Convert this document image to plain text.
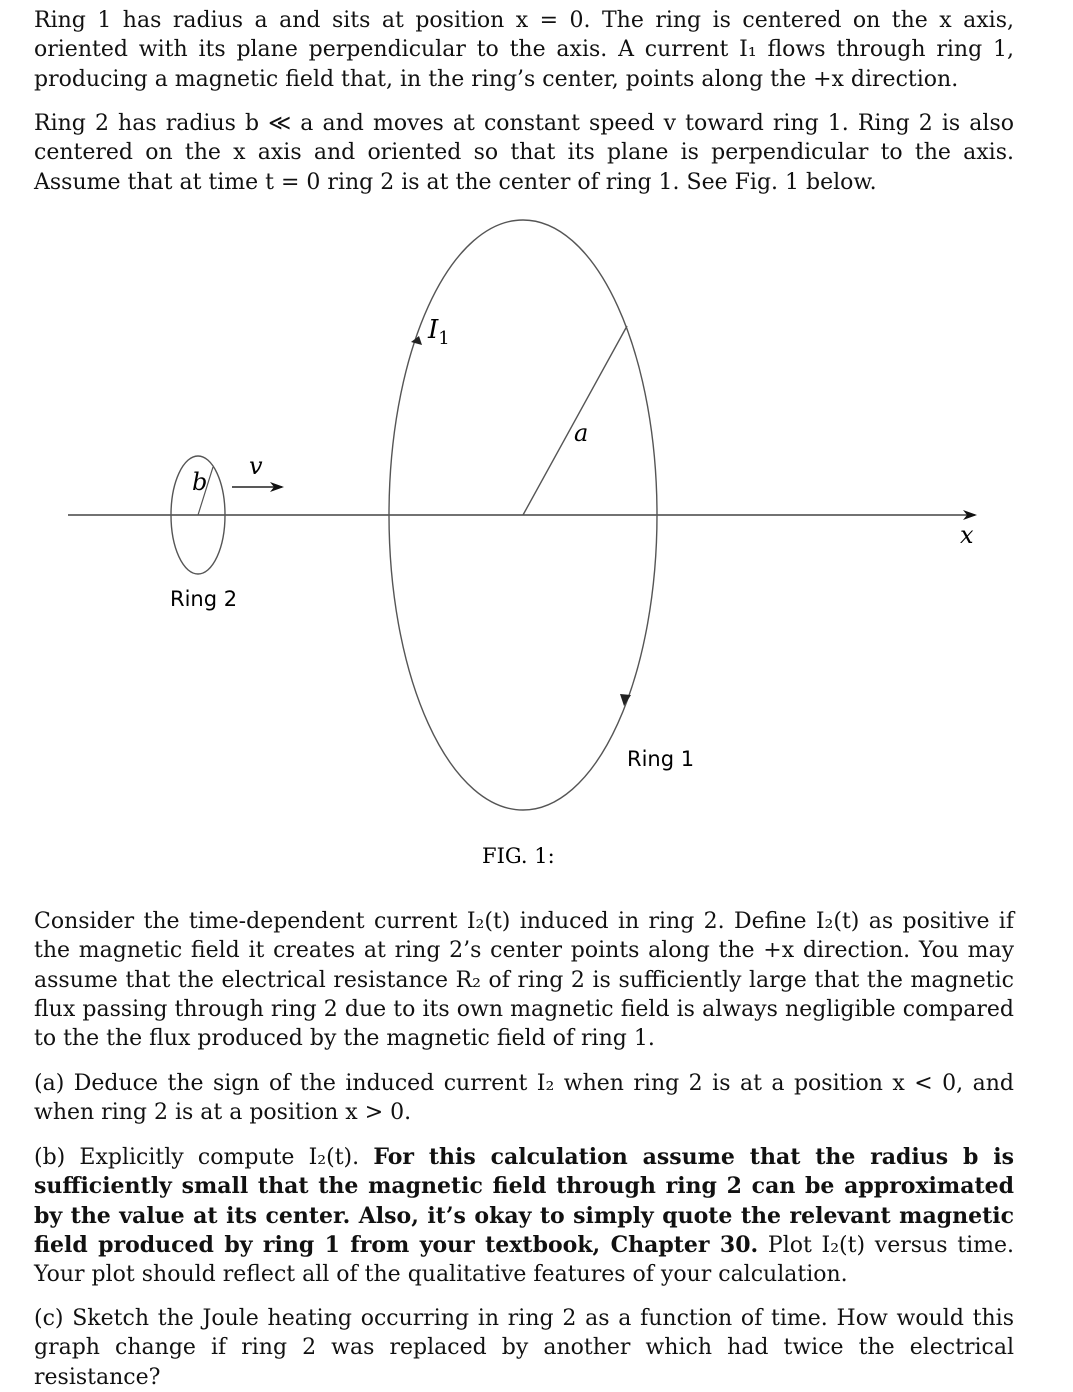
Ring 1 has radius a and sits at position x = 0. The ring is centered on the x axis, oriented with its plane perpendicular to the axis. A current I₁ flows through ring 1, producing a magnetic field that, in the ring’s center, points along the +x direction.

Ring 2 has radius b ≪ a and moves at constant speed v toward ring 1. Ring 2 is also centered on the x axis and oriented so that its plane is perpendicular to the axis. Assume that at time t = 0 ring 2 is at the center of ring 1. See Fig. 1 below.

x
a
$I_1$
Ring 1
b
Ring 2
v
FIG. 1:

Consider the time-dependent current I₂(t) induced in ring 2. Define I₂(t) as positive if the magnetic field it creates at ring 2’s center points along the +x direction. You may assume that the electrical resistance R₂ of ring 2 is sufficiently large that the magnetic flux passing through ring 2 due to its own magnetic field is always negligible compared to the the flux produced by the magnetic field of ring 1.

(a) Deduce the sign of the induced current I₂ when ring 2 is at a position x < 0, and when ring 2 is at a position x > 0.

(b) Explicitly compute I₂(t). For this calculation assume that the radius b is sufficiently small that the magnetic field through ring 2 can be approximated by the value at its center. Also, it’s okay to simply quote the relevant magnetic field produced by ring 1 from your textbook, Chapter 30. Plot I₂(t) versus time. Your plot should reflect all of the qualitative features of your calculation.

(c) Sketch the Joule heating occurring in ring 2 as a function of time. How would this graph change if ring 2 was replaced by another which had twice the electrical resistance?
